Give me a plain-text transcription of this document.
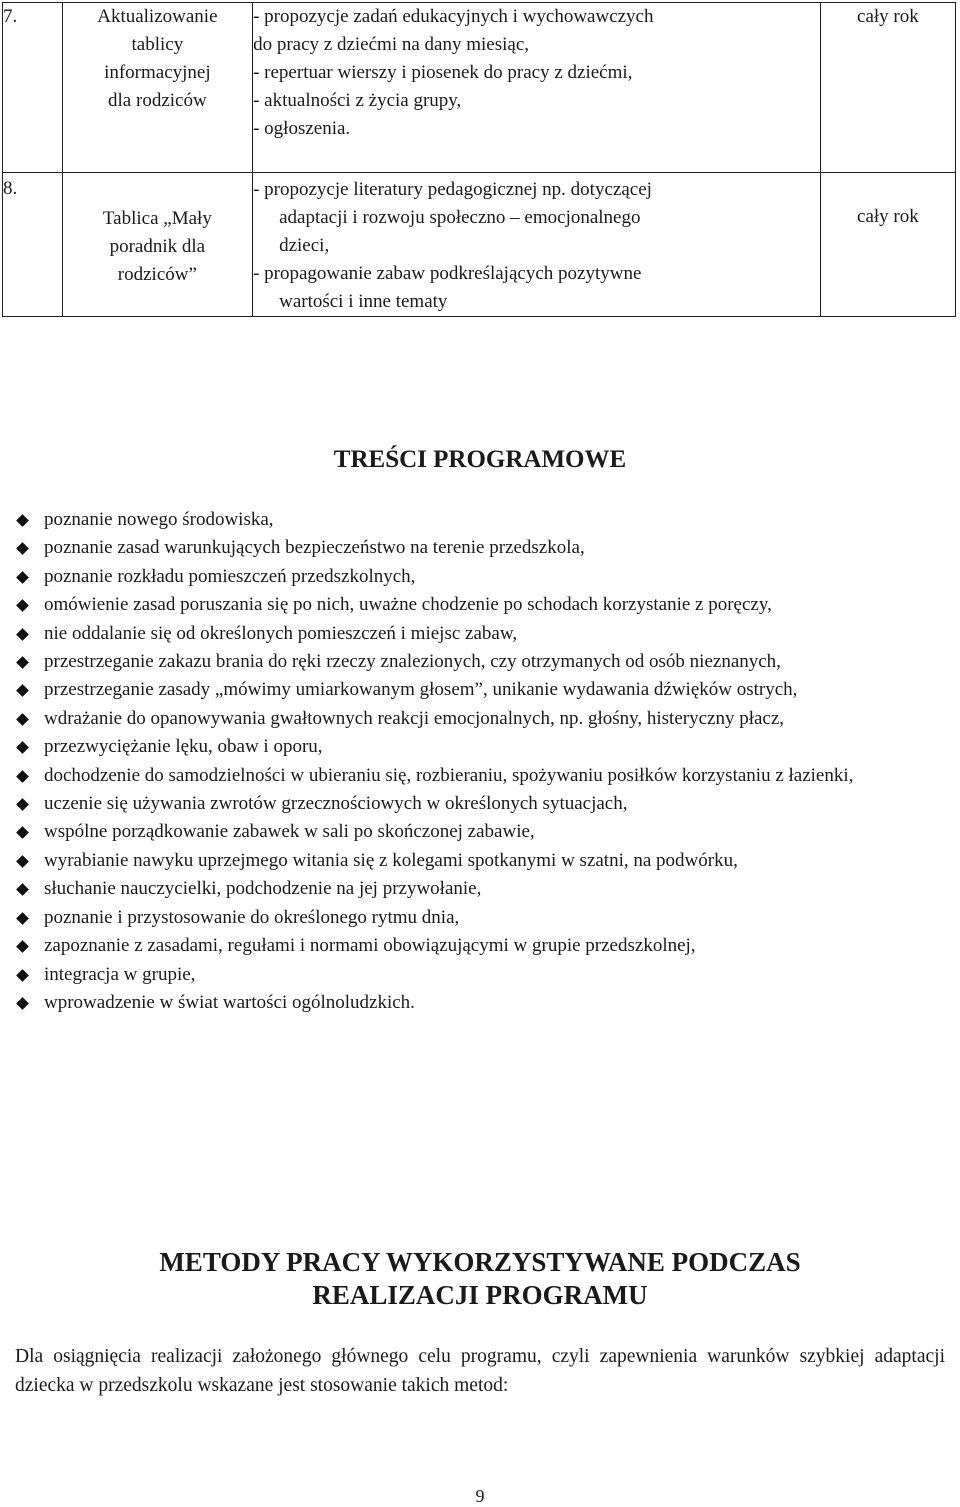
7.	Aktualizowanie
tablicy
informacyjnej
dla rodziców	- propozycje zadań edukacyjnych i wychowawczych
do pracy z dziećmi na dany miesiąc,
- repertuar wierszy i piosenek do pracy z dziećmi,
- aktualności z życia grupy,
- ogłoszenia.	cały rok
8.	Tablica „Mały
poradnik dla
rodziców”	- propozycje literatury pedagogicznej np. dotyczącej
adaptacji i rozwoju społeczno – emocjonalnego
dzieci,
- propagowanie zabaw podkreślających pozytywne
wartości i inne tematy	cały rok
TREŚCI PROGRAMOWE
poznanie nowego środowiska,
poznanie zasad warunkujących bezpieczeństwo na terenie przedszkola,
poznanie rozkładu pomieszczeń przedszkolnych,
omówienie zasad poruszania się po nich, uważne chodzenie po schodach korzystanie z poręczy,
nie oddalanie się od określonych pomieszczeń i miejsc zabaw,
przestrzeganie zakazu brania do ręki rzeczy znalezionych, czy otrzymanych od osób nieznanych,
przestrzeganie zasady „mówimy umiarkowanym głosem”, unikanie wydawania dźwięków ostrych,
wdrażanie do opanowywania gwałtownych reakcji emocjonalnych, np. głośny, histeryczny płacz,
przezwyciężanie lęku, obaw i oporu,
dochodzenie do samodzielności w ubieraniu się, rozbieraniu, spożywaniu posiłków korzystaniu z łazienki,
uczenie się używania zwrotów grzecznościowych w określonych sytuacjach,
wspólne porządkowanie zabawek w sali po skończonej zabawie,
wyrabianie nawyku uprzejmego witania się z kolegami spotkanymi w szatni, na podwórku,
słuchanie nauczycielki, podchodzenie na jej przywołanie,
poznanie i przystosowanie do określonego rytmu dnia,
zapoznanie z zasadami, regułami i normami obowiązującymi w grupie przedszkolnej,
integracja w grupie,
wprowadzenie w świat wartości ogólnoludzkich.
METODY PRACY WYKORZYSTYWANE PODCZAS
REALIZACJI PROGRAMU

Dla osiągnięcia realizacji założonego głównego celu programu, czyli zapewnienia warunków szybkiej adaptacji dziecka w przedszkolu wskazane jest stosowanie takich metod:

9
